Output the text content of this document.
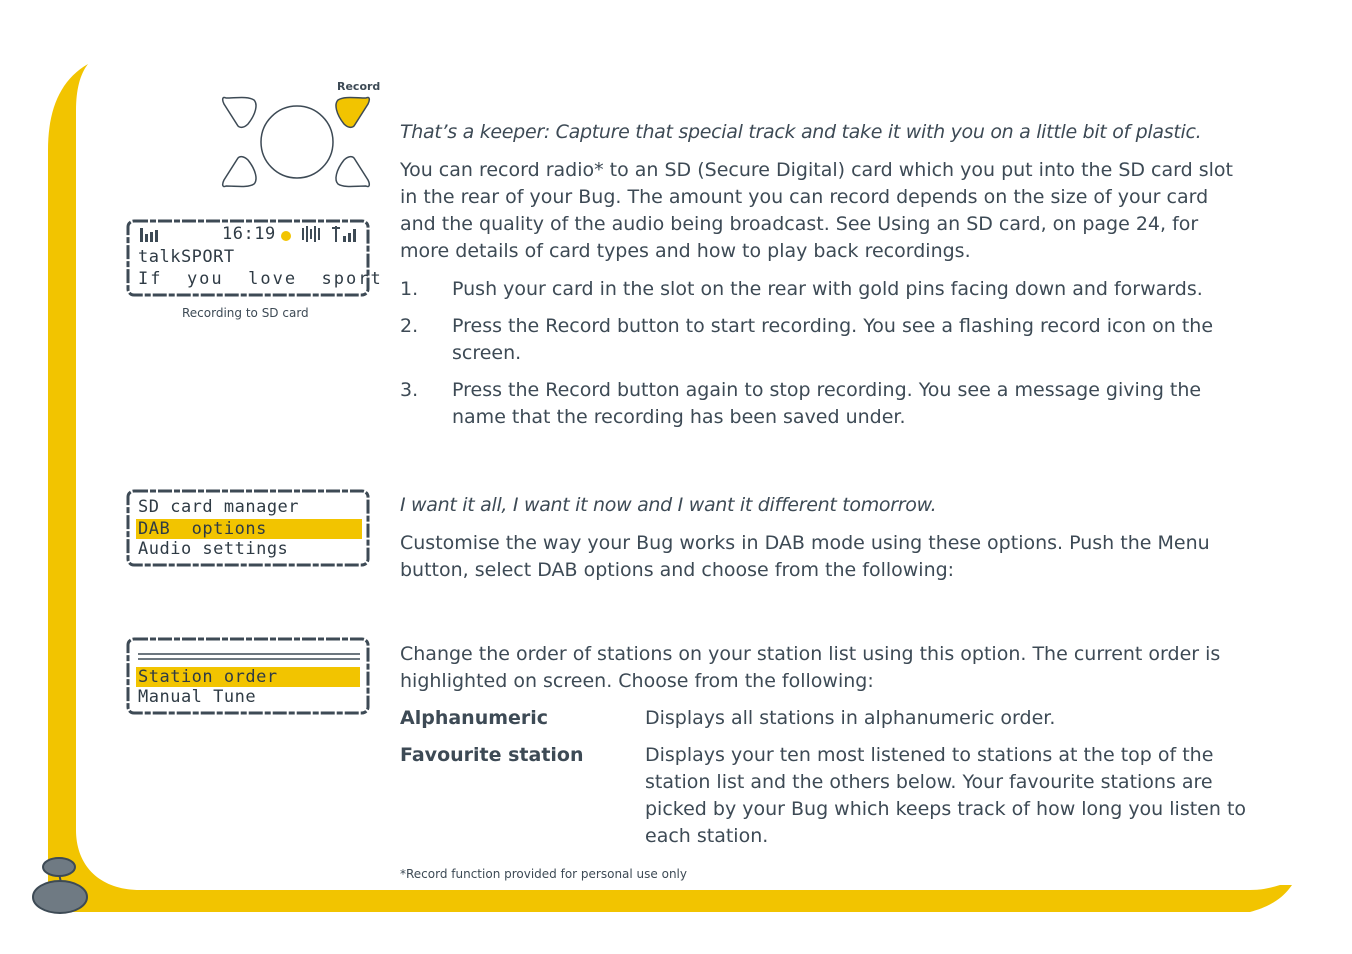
Record
16:19
talkSPORT
If  you  love  sport
Recording to SD card
SD card manager
DAB  options
Audio settings
Station order
Manual Tune
That’s a keeper: Capture that special track and take it with you on a little bit of plastic.
You can record radio* to an SD (Secure Digital) card which you put into the SD card slot
in the rear of your Bug. The amount you can record depends on the size of your card
and the quality of the audio being broadcast. See Using an SD card, on page 24, for
more details of card types and how to play back recordings.
1. Push your card in the slot on the rear with gold pins facing down and forwards.
2. Press the Record button to start recording. You see a flashing record icon on the
screen.
3. Press the Record button again to stop recording. You see a message giving the
name that the recording has been saved under.
I want it all, I want it now and I want it different tomorrow.
Customise the way your Bug works in DAB mode using these options. Push the Menu
button, select DAB options and choose from the following:
Change the order of stations on your station list using this option. The current order is
highlighted on screen. Choose from the following:
Alphanumeric	Displays all stations in alphanumeric order.
Favourite station	Displays your ten most listened to stations at the top of the
station list and the others below. Your favourite stations are
picked by your Bug which keeps track of how long you listen to
each station.
*Record function provided for personal use only
